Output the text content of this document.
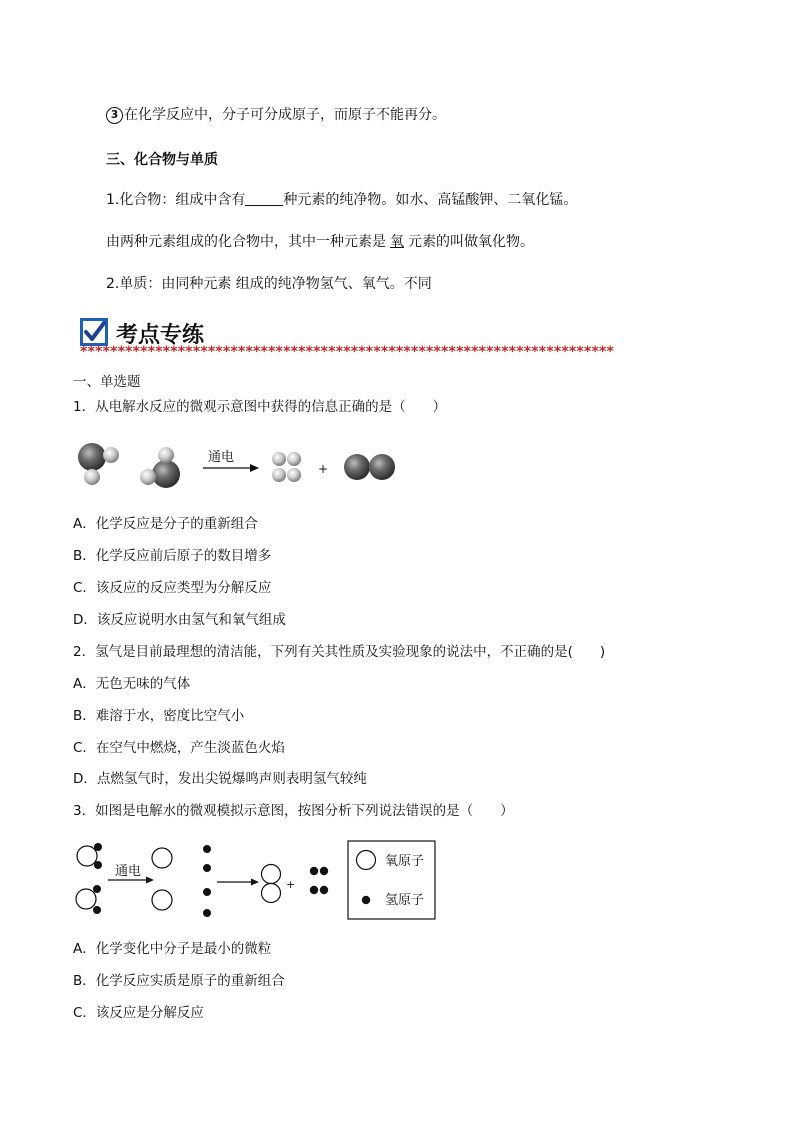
3 在化学反应中，分子可分成原子，而原子不能再分。
三、化合物与单质
1.化合物：组成中含有	种元素的纯净物。如水、高锰酸钾、二氧化锰。
由两种元素组成的化合物中，其中一种元素是 氧 元素的叫做氧化物。
2.单质：由同种元素 组成的纯净物氢气、氧气。不同
考点专练
***********************************************************************
一、单选题
1．从电解水反应的微观示意图中获得的信息正确的是（　　）
通电
+
A．化学反应是分子的重新组合
B．化学反应前后原子的数目增多
C．该反应的反应类型为分解反应
D．该反应说明水由氢气和氧气组成
2．氢气是目前最理想的清洁能，下列有关其性质及实验现象的说法中，不正确的是(　　)
A．无色无味的气体
B．难溶于水，密度比空气小
C．在空气中燃烧，产生淡蓝色火焰
D．点燃氢气时，发出尖锐爆鸣声则表明氢气较纯
3．如图是电解水的微观模拟示意图，按图分析下列说法错误的是（　　）
通电
+
氧原子
氢原子
A．化学变化中分子是最小的微粒
B．化学反应实质是原子的重新组合
C．该反应是分解反应
